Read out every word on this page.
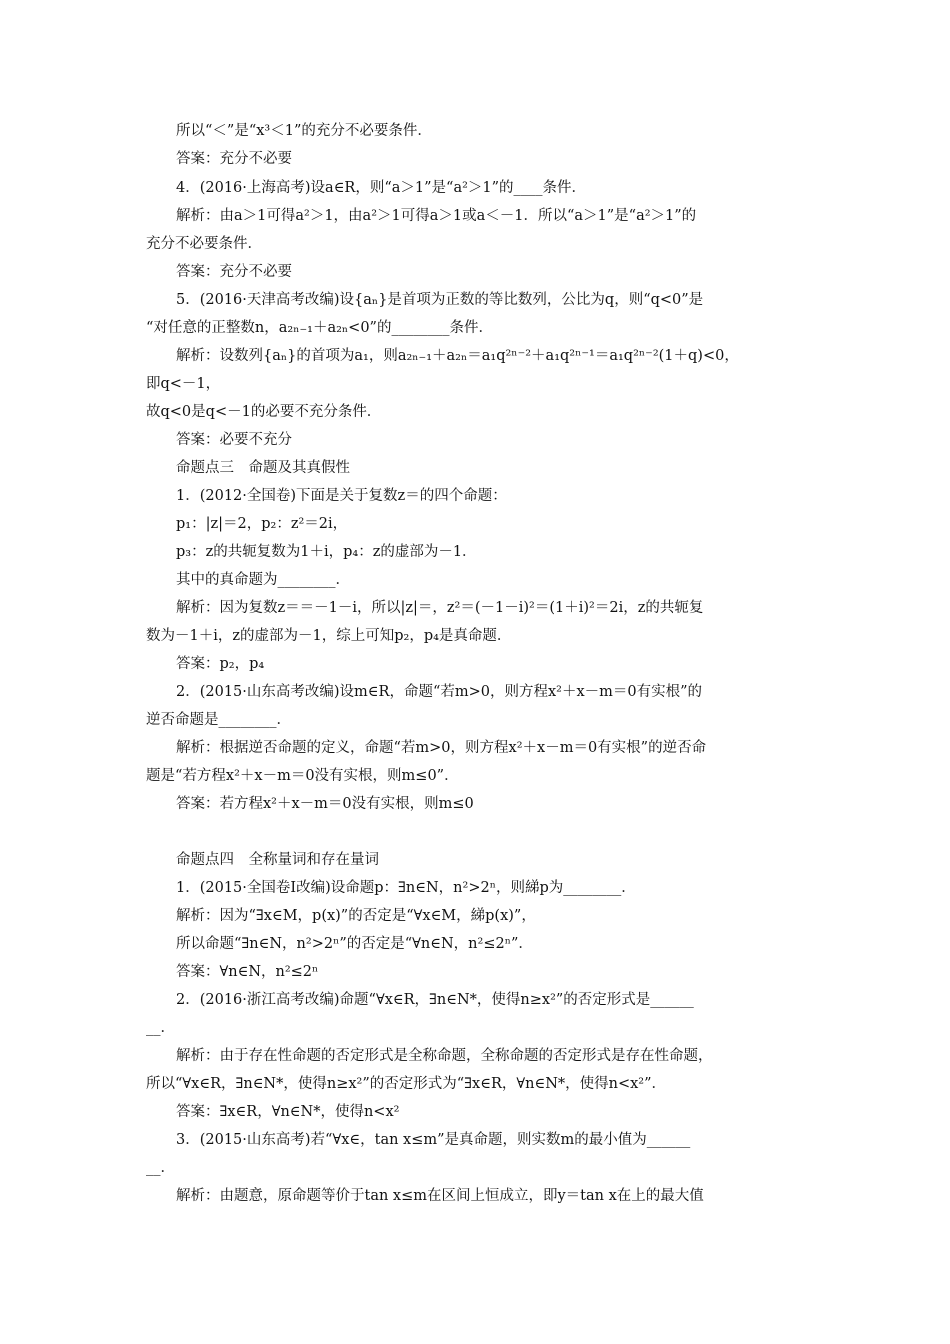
所以“＜”是“x³＜1”的充分不必要条件．
答案：充分不必要
4．(2016·上海高考)设a∈R，则“a＞1”是“a²＞1”的____条件．
解析：由a＞1可得a²＞1，由a²＞1可得a＞1或a＜－1．所以“a＞1”是“a²＞1”的
充分不必要条件．
答案：充分不必要
5．(2016·天津高考改编)设{aₙ}是首项为正数的等比数列，公比为q，则“q<0”是
“对任意的正整数n，a₂ₙ₋₁＋a₂ₙ<0”的________条件．
解析：设数列{aₙ}的首项为a₁，则a₂ₙ₋₁＋a₂ₙ＝a₁q²ⁿ⁻²＋a₁q²ⁿ⁻¹＝a₁q²ⁿ⁻²(1＋q)<0，
即q<－1，
故q<0是q<－1的必要不充分条件．
答案：必要不充分
命题点三　命题及其真假性
1．(2012·全国卷)下面是关于复数z＝的四个命题：
p₁：|z|＝2，p₂：z²＝2i，
p₃：z的共轭复数为1＋i，p₄：z的虚部为－1．
其中的真命题为________．
解析：因为复数z＝＝－1－i，所以|z|＝，z²＝(－1－i)²＝(1＋i)²＝2i，z的共轭复
数为－1＋i，z的虚部为－1，综上可知p₂，p₄是真命题．
答案：p₂，p₄
2．(2015·山东高考改编)设m∈R，命题“若m>0，则方程x²＋x－m＝0有实根”的
逆否命题是________．
解析：根据逆否命题的定义，命题“若m>0，则方程x²＋x－m＝0有实根”的逆否命
题是“若方程x²＋x－m＝0没有实根，则m≤0”．
答案：若方程x²＋x－m＝0没有实根，则m≤0
命题点四　全称量词和存在量词
1．(2015·全国卷Ⅰ改编)设命题p：∃n∈N，n²>2ⁿ，则綈p为________．
解析：因为“∃x∈M，p(x)”的否定是“∀x∈M，綈p(x)”，
所以命题“∃n∈N，n²>2ⁿ”的否定是“∀n∈N，n²≤2ⁿ”．
答案：∀n∈N，n²≤2ⁿ
2．(2016·浙江高考改编)命题“∀x∈R，∃n∈N*，使得n≥x²”的否定形式是______
__．
解析：由于存在性命题的否定形式是全称命题，全称命题的否定形式是存在性命题，
所以“∀x∈R，∃n∈N*，使得n≥x²”的否定形式为“∃x∈R，∀n∈N*，使得n<x²”．
答案：∃x∈R，∀n∈N*，使得n<x²
3．(2015·山东高考)若“∀x∈，tan x≤m”是真命题，则实数m的最小值为______
__．
解析：由题意，原命题等价于tan x≤m在区间上恒成立，即y＝tan x在上的最大值
